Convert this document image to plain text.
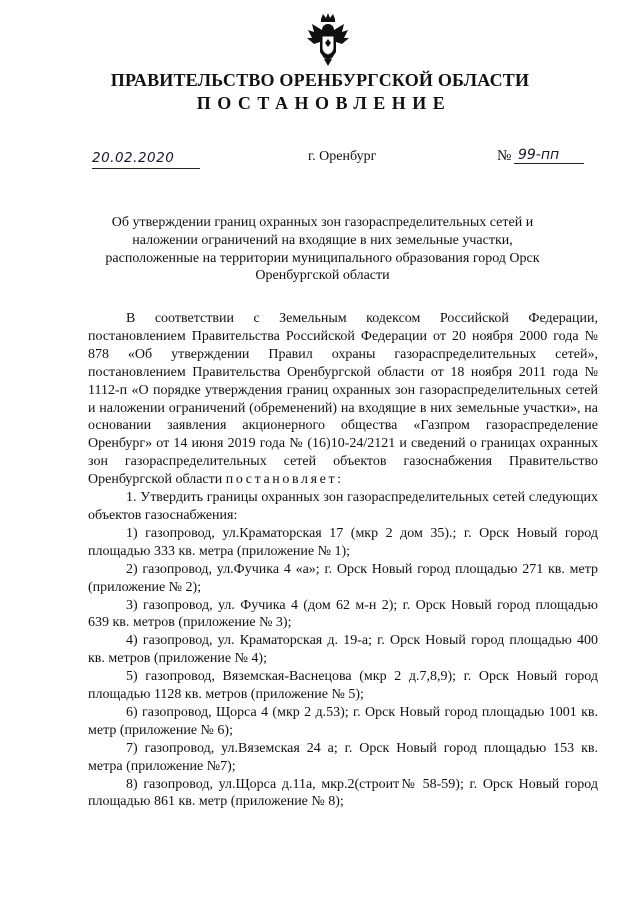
ПРАВИТЕЛЬСТВО ОРЕНБУРГСКОЙ ОБЛАСТИ
ПОСТАНОВЛЕНИЕ
20.02.2020	г. Оренбург	№ 99-пп
Об утверждении границ охранных зон газораспределительных сетей и наложении ограничений на входящие в них земельные участки, расположенные на территории муниципального образования город Орск Оренбургской области

В соответствии с Земельным кодексом Российской Федерации, постановлением Правительства Российской Федерации от 20 ноября 2000 года № 878 «Об утверждении Правил охраны газораспределительных сетей», постановлением Правительства Оренбургской области от 18 ноября 2011 года № 1112-п «О порядке утверждения границ охранных зон газораспределительных сетей и наложении ограничений (обременений) на входящие в них земельные участки», на основании заявления акционерного общества «Газпром газораспределение Оренбург» от 14 июня 2019 года № (16)10-24/2121 и сведений о границах охранных зон газораспределительных сетей объектов газоснабжения Правительство Оренбургской области постановляет:

1. Утвердить границы охранных зон газораспределительных сетей следующих объектов газоснабжения:

1) газопровод, ул.Краматорская 17 (мкр 2 дом 35).; г. Орск Новый город площадью 333 кв. метра (приложение № 1);

2) газопровод, ул.Фучика 4 «а»; г. Орск Новый город площадью 271 кв. метр (приложение № 2);

3) газопровод, ул. Фучика 4 (дом 62 м-н 2); г. Орск Новый город площадью 639 кв. метров (приложение № 3);

4) газопровод, ул. Краматорская д. 19-а; г. Орск Новый город площадью 400 кв. метров (приложение № 4);

5) газопровод, Вяземская-Васнецова (мкр 2 д.7,8,9); г. Орск Новый город площадью 1128 кв. метров (приложение № 5);

6) газопровод, Щорса 4 (мкр 2 д.53); г. Орск Новый город площадью 1001 кв. метр (приложение № 6);

7) газопровод, ул.Вяземская 24 а; г. Орск Новый город площадью 153 кв. метра (приложение №7);

8) газопровод, ул.Щорса д.11а, мкр.2(строит№ 58-59); г. Орск Новый город площадью 861 кв. метр (приложение № 8);
